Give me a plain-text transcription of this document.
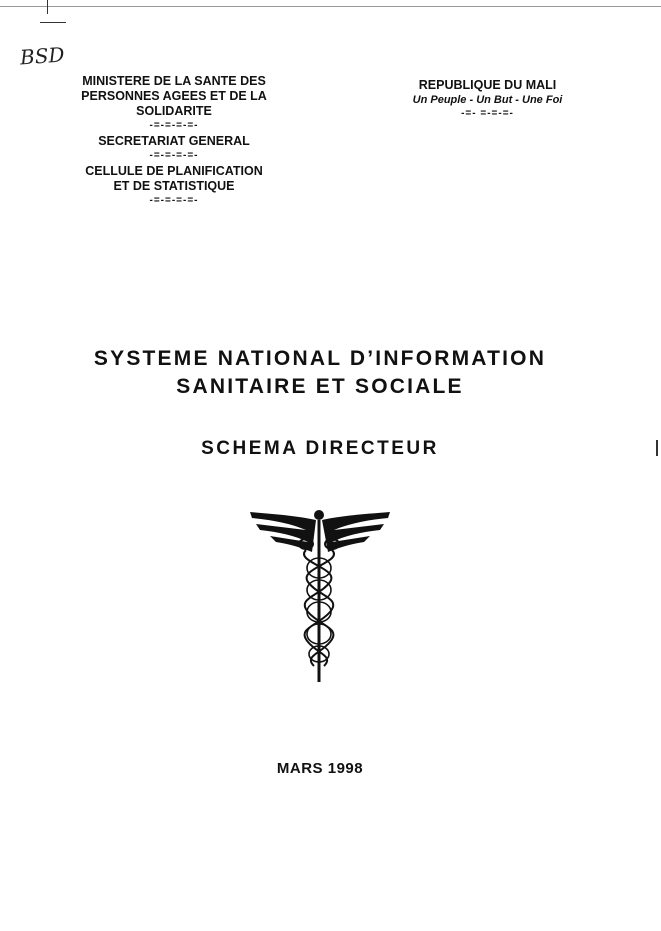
BSD
MINISTERE DE LA SANTE DES
PERSONNES AGEES ET DE LA
SOLIDARITE
-=-=-=-=-
SECRETARIAT GENERAL
-=-=-=-=-
CELLULE DE PLANIFICATION
ET DE STATISTIQUE
-=-=-=-=-
REPUBLIQUE DU MALI
Un Peuple - Un But - Une Foi
-=- =-=-=-
SYSTEME NATIONAL D’INFORMATION
SANITAIRE ET SOCIALE
SCHEMA DIRECTEUR
MARS 1998
